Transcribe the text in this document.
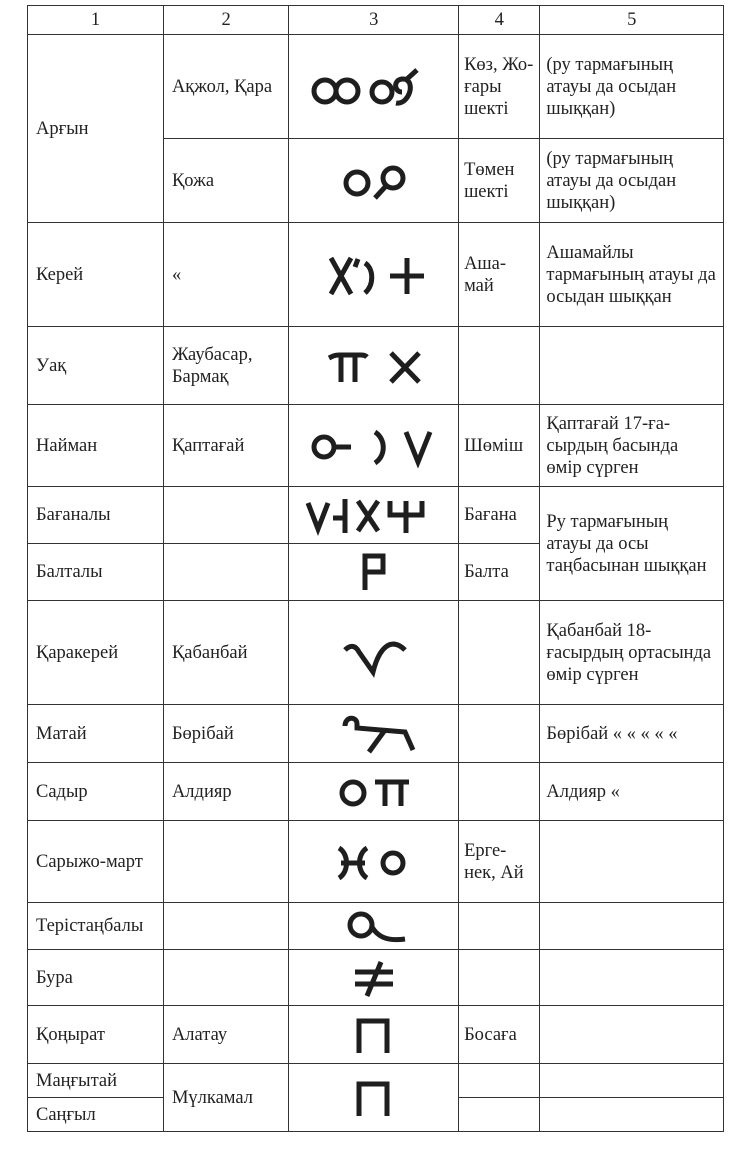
1	2	3	4	5
Арғын	Ақжол, Қара		Көз, Жо-ғары шекті	(ру тармағының атауы да осыдан шыққан)
	Қожа		Төмен шекті	(ру тармағының атауы да осыдан шыққан)
Керей	«		Аша-май	Ашамайлы тармағының атауы да осыдан шыққан
Уақ	Жаубасар, Бармақ	

Найман	Қаптағай		Шөміш	Қаптағай 17-ға-сырдың басында өмір сүрген
Бағаналы			Бағана	Ру тармағының атауы да осы таңбасынан шыққан
Балталы			Балта	
Қаракерей	Қабанбай			Қабанбай 18-ғасырдың ортасында өмір сүрген
Матай	Бөрібай			Бөрібай « « « « «
Садыр	Алдияр			Алдияр «
Сарыжо-март			Ерге-нек, Ай	
Терістаңбалы		

Бура		

Қоңырат	Алатау		Босаға	
Маңғытай	Мүлкамал	

Саңғыл				
